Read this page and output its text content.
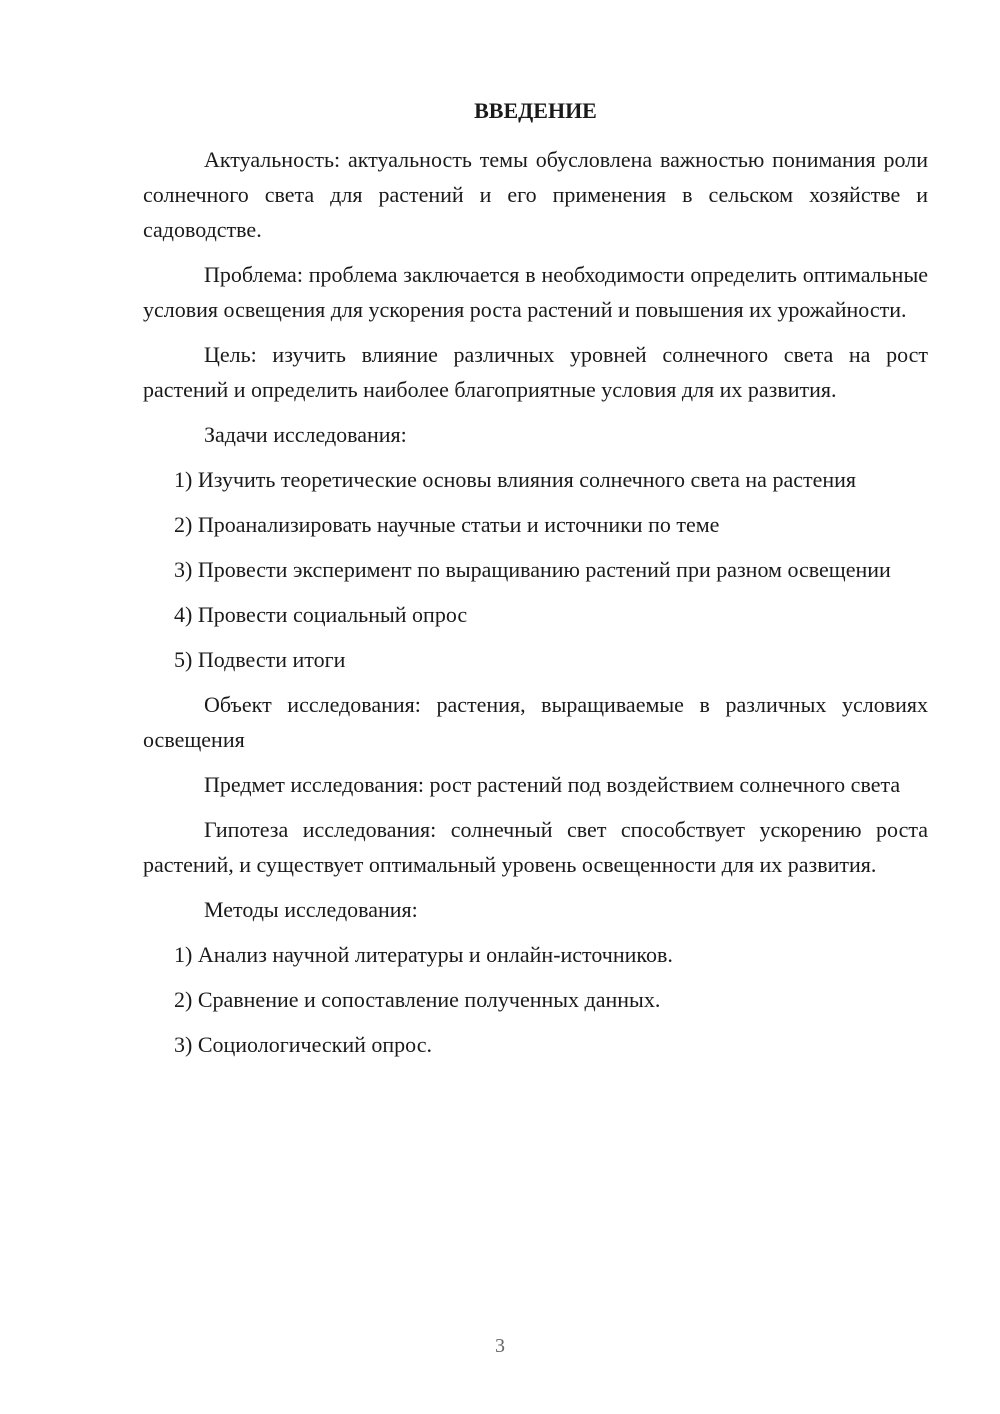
ВВЕДЕНИЕ

Актуальность: актуальность темы обусловлена важностью понимания роли солнечного света для растений и его применения в сельском хозяйстве и садоводстве.

Проблема: проблема заключается в необходимости определить оптимальные условия освещения для ускорения роста растений и повышения их урожайности.

Цель: изучить влияние различных уровней солнечного света на рост растений и определить наиболее благоприятные условия для их развития.

Задачи исследования:

1) Изучить теоретические основы влияния солнечного света на растения

2) Проанализировать научные статьи и источники по теме

3) Провести эксперимент по выращиванию растений при разном освещении

4) Провести социальный опрос

5) Подвести итоги

Объект исследования: растения, выращиваемые в различных условиях освещения

Предмет исследования: рост растений под воздействием солнечного света

Гипотеза исследования: солнечный свет способствует ускорению роста растений, и существует оптимальный уровень освещенности для их развития.

Методы исследования:

1) Анализ научной литературы и онлайн-источников.

2) Сравнение и сопоставление полученных данных.

3) Социологический опрос.

3
